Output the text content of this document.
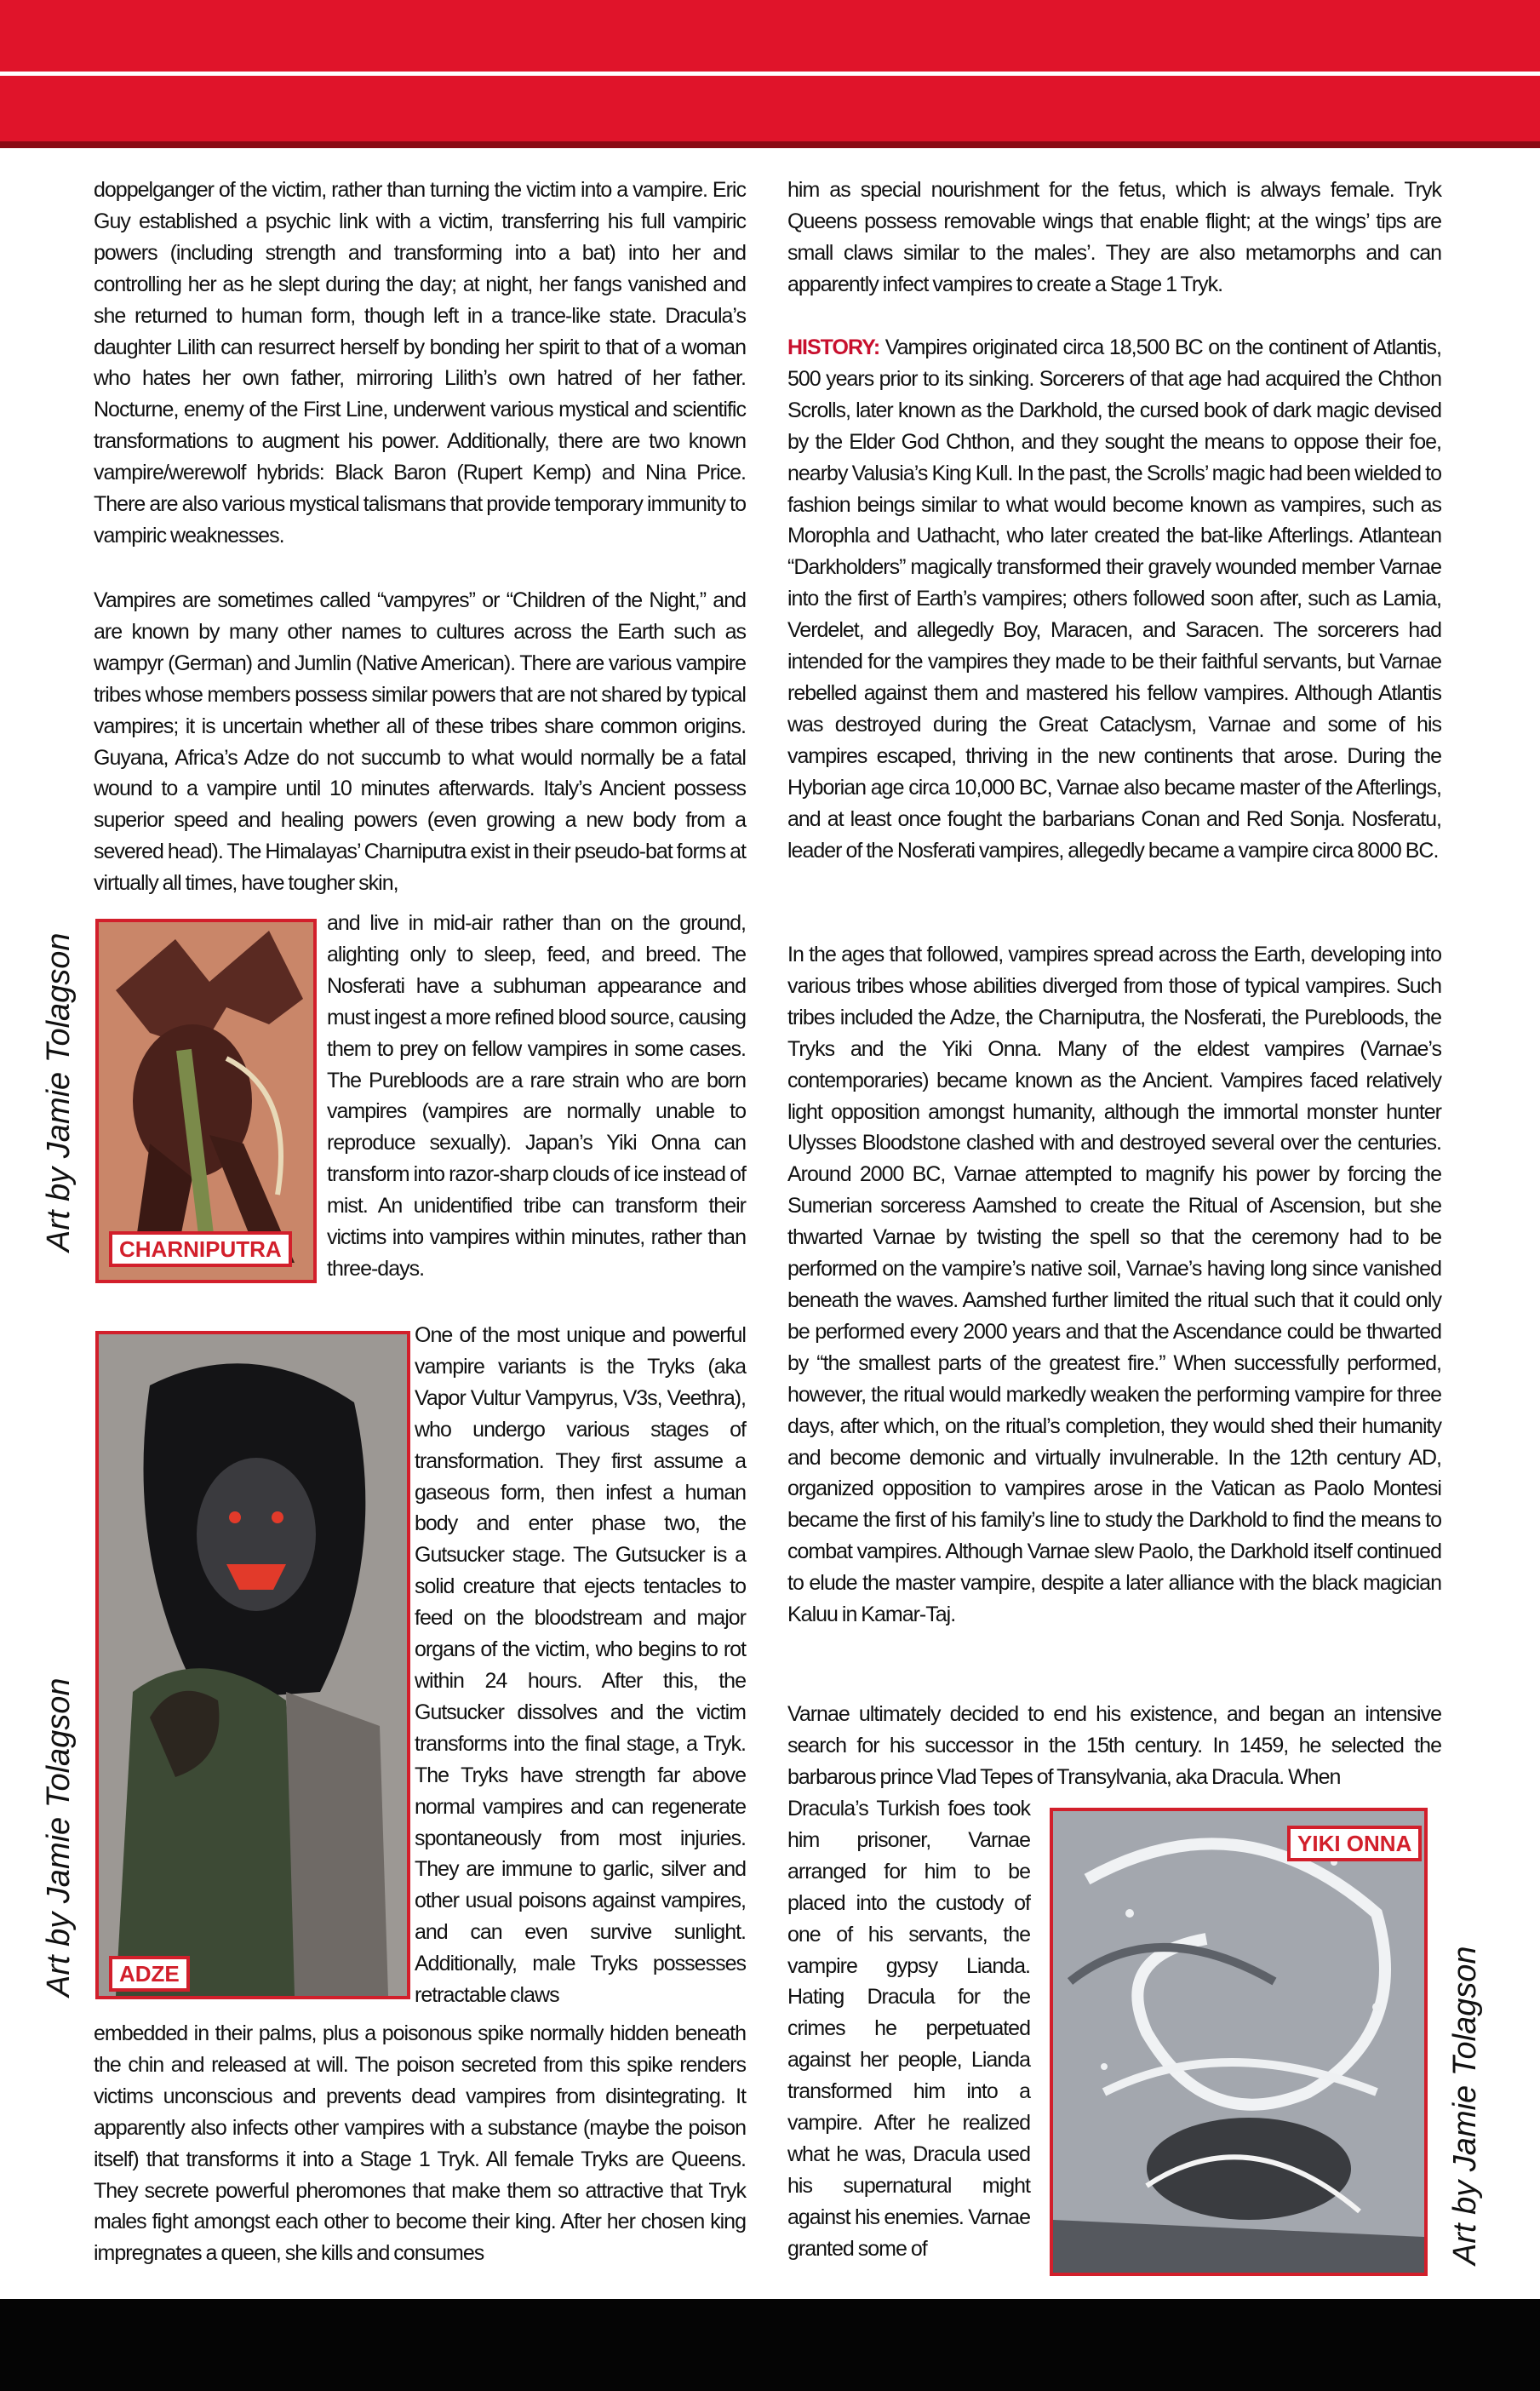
doppelganger of the victim, rather than turning the victim into a vampire. Eric Guy established a psychic link with a victim, transferring his full vampiric powers (including strength and transforming into a bat) into her and controlling her as he slept during the day; at night, her fangs vanished and she returned to human form, though left in a trance-like state. Dracula’s daughter Lilith can resurrect herself by bonding her spirit to that of a woman who hates her own father, mirroring Lilith’s own hatred of her father. Nocturne, enemy of the First Line, underwent various mystical and scientific transformations to augment his power. Additionally, there are two known vampire/werewolf hybrids: Black Baron (Rupert Kemp) and Nina Price. There are also various mystical talismans that provide temporary immunity to vampiric weaknesses.

Vampires are sometimes called “vampyres” or “Children of the Night,” and are known by many other names to cultures across the Earth such as wampyr (German) and Jumlin (Native American). There are various vampire tribes whose members possess similar powers that are not shared by typical vampires; it is uncertain whether all of these tribes share common origins. Guyana, Africa’s Adze do not succumb to what would normally be a fatal wound to a vampire until 10 minutes afterwards. Italy’s Ancient possess superior speed and healing powers (even growing a new body from a severed head). The Himalayas’ Charniputra exist in their pseudo-bat forms at virtually all times, have tougher skin,

and live in mid-air rather than on the ground, alighting only to sleep, feed, and breed. The Nosferati have a subhuman appearance and must ingest a more refined blood source, causing them to prey on fellow vampires in some cases. The Purebloods are a rare strain who are born vampires (vampires are normally unable to reproduce sexually). Japan’s Yiki Onna can transform into razor-sharp clouds of ice instead of mist. An unidentified tribe can transform their victims into vampires within minutes, rather than three-days.

One of the most unique and powerful vampire variants is the Tryks (aka Vapor Vultur Vampyrus, V3s, Veethra), who undergo various stages of transformation. They first assume a gaseous form, then infest a human body and enter phase two, the Gutsucker stage. The Gutsucker is a solid creature that ejects tentacles to feed on the bloodstream and major organs of the victim, who begins to rot within 24 hours. After this, the Gutsucker dissolves and the victim transforms into the final stage, a Tryk. The Tryks have strength far above normal vampires and can regenerate spontaneously from most injuries. They are immune to garlic, silver and other usual poisons against vampires, and can even survive sunlight. Additionally, male Tryks possesses retractable claws

embedded in their palms, plus a poisonous spike normally hidden beneath the chin and released at will. The poison secreted from this spike renders victims unconscious and prevents dead vampires from disintegrating. It apparently also infects other vampires with a substance (maybe the poison itself) that transforms it into a Stage 1 Tryk. All female Tryks are Queens. They secrete powerful pheromones that make them so attractive that Tryk males fight amongst each other to become their king. After her chosen king impregnates a queen, she kills and consumes

CHARNIPUTRA
Art by Jamie Tolagson
ADZE
Art by Jamie Tolagson

him as special nourishment for the fetus, which is always female. Tryk Queens possess removable wings that enable flight; at the wings’ tips are small claws similar to the males’. They are also metamorphs and can apparently infect vampires to create a Stage 1 Tryk.

HISTORY: Vampires originated circa 18,500 BC on the continent of Atlantis, 500 years prior to its sinking. Sorcerers of that age had acquired the Chthon Scrolls, later known as the Darkhold, the cursed book of dark magic devised by the Elder God Chthon, and they sought the means to oppose their foe, nearby Valusia’s King Kull. In the past, the Scrolls’ magic had been wielded to fashion beings similar to what would become known as vampires, such as Morophla and Uathacht, who later created the bat-like Afterlings. Atlantean “Darkholders” magically transformed their gravely wounded member Varnae into the first of Earth’s vampires; others followed soon after, such as Lamia, Verdelet, and allegedly Boy, Maracen, and Saracen. The sorcerers had intended for the vampires they made to be their faithful servants, but Varnae rebelled against them and mastered his fellow vampires. Although Atlantis was destroyed during the Great Cataclysm, Varnae and some of his vampires escaped, thriving in the new continents that arose. During the Hyborian age circa 10,000 BC, Varnae also became master of the Afterlings, and at least once fought the barbarians Conan and Red Sonja. Nosferatu, leader of the Nosferati vampires, allegedly became a vampire circa 8000 BC.

In the ages that followed, vampires spread across the Earth, developing into various tribes whose abilities diverged from those of typical vampires. Such tribes included the Adze, the Charniputra, the Nosferati, the Purebloods, the Tryks and the Yiki Onna. Many of the eldest vampires (Varnae’s contemporaries) became known as the Ancient. Vampires faced relatively light opposition amongst humanity, although the immortal monster hunter Ulysses Bloodstone clashed with and destroyed several over the centuries. Around 2000 BC, Varnae attempted to magnify his power by forcing the Sumerian sorceress Aamshed to create the Ritual of Ascension, but she thwarted Varnae by twisting the spell so that the ceremony had to be performed on the vampire’s native soil, Varnae’s having long since vanished beneath the waves. Aamshed further limited the ritual such that it could only be performed every 2000 years and that the Ascendance could be thwarted by “the smallest parts of the greatest fire.” When successfully performed, however, the ritual would markedly weaken the performing vampire for three days, after which, on the ritual’s completion, they would shed their humanity and become demonic and virtually invulnerable. In the 12th century AD, organized opposition to vampires arose in the Vatican as Paolo Montesi became the first of his family’s line to study the Darkhold to find the means to combat vampires. Although Varnae slew Paolo, the Darkhold itself continued to elude the master vampire, despite a later alliance with the black magician Kaluu in Kamar-Taj.

Varnae ultimately decided to end his existence, and began an intensive search for his successor in the 15th century. In 1459, he selected the barbarous prince Vlad Tepes of Transylvania, aka Dracula. When

Dracula’s Turkish foes took him prisoner, Varnae arranged for him to be placed into the custody of one of his servants, the vampire gypsy Lianda. Hating Dracula for the crimes he perpetuated against her people, Lianda transformed him into a vampire. After he realized what he was, Dracula used his supernatural might against his enemies. Varnae granted some of

YIKI ONNA
Art by Jamie Tolagson
